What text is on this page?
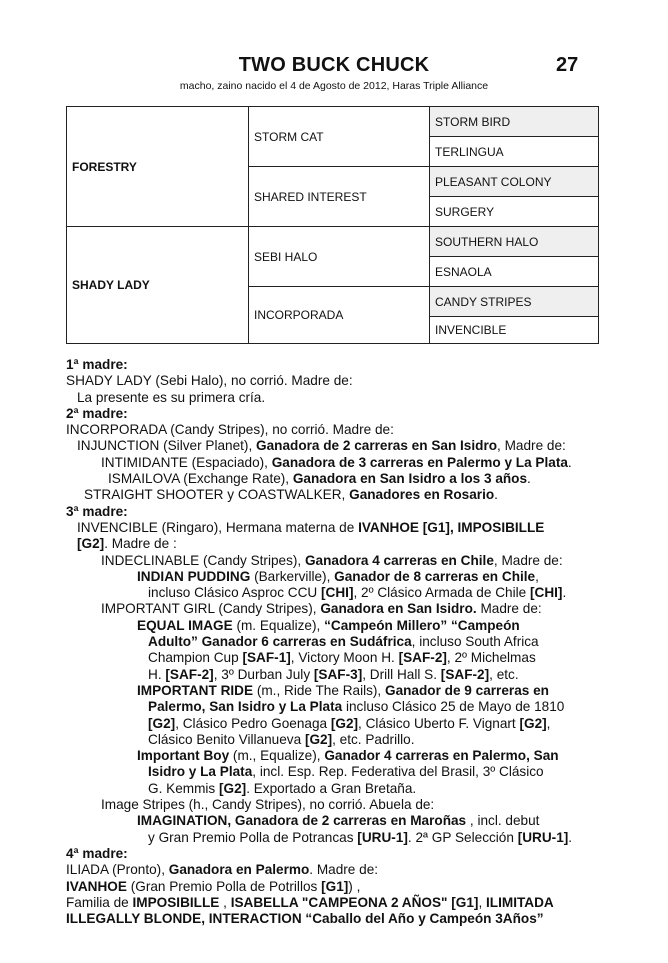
TWO BUCK CHUCK	27
macho, zaino nacido el 4 de Agosto de 2012, Haras Triple Alliance
FORESTRY	STORM CAT	STORM BIRD
		TERLINGUA
	SHARED INTEREST	PLEASANT COLONY
		SURGERY
SHADY LADY	SEBI HALO	SOUTHERN HALO
		ESNAOLA
	INCORPORADA	CANDY STRIPES
		INVENCIBLE
1ª madre:
SHADY LADY (Sebi Halo), no corrió. Madre de:
La presente es su primera cría.
2ª madre:
INCORPORADA (Candy Stripes), no corrió. Madre de:
INJUNCTION (Silver Planet), Ganadora de 2 carreras en San Isidro, Madre de:
INTIMIDANTE (Espaciado), Ganadora de 3 carreras en Palermo y La Plata.
ISMAILOVA (Exchange Rate), Ganadora en San Isidro a los 3 años.
STRAIGHT SHOOTER y COASTWALKER, Ganadores en Rosario.
3ª madre:
INVENCIBLE (Ringaro), Hermana materna de IVANHOE [G1], IMPOSIBILLE
[G2]. Madre de :
INDECLINABLE (Candy Stripes), Ganadora 4 carreras en Chile, Madre de:
INDIAN PUDDING (Barkerville), Ganador de 8 carreras en Chile,
incluso Clásico Asproc CCU [CHI], 2º Clásico Armada de Chile [CHI].
IMPORTANT GIRL (Candy Stripes), Ganadora en San Isidro. Madre de:
EQUAL IMAGE (m. Equalize), “Campeón Millero” “Campeón
Adulto” Ganador 6 carreras en Sudáfrica, incluso South Africa
Champion Cup [SAF-1], Victory Moon H. [SAF-2], 2º Michelmas
H. [SAF-2], 3º Durban July [SAF-3], Drill Hall S. [SAF-2], etc.
IMPORTANT RIDE (m., Ride The Rails), Ganador de 9 carreras en
Palermo, San Isidro y La Plata incluso Clásico 25 de Mayo de 1810
[G2], Clásico Pedro Goenaga [G2], Clásico Uberto F. Vignart [G2],
Clásico Benito Villanueva [G2], etc. Padrillo.
Important Boy (m., Equalize), Ganador 4 carreras en Palermo, San
Isidro y La Plata, incl. Esp. Rep. Federativa del Brasil, 3º Clásico
G. Kemmis [G2]. Exportado a Gran Bretaña.
Image Stripes (h., Candy Stripes), no corrió. Abuela de:
IMAGINATION, Ganadora de 2 carreras en Maroñas , incl. debut
y Gran Premio Polla de Potrancas [URU-1]. 2ª GP Selección [URU-1].
4ª madre:
ILIADA (Pronto), Ganadora en Palermo. Madre de:
IVANHOE (Gran Premio Polla de Potrillos [G1]) ,
Familia de IMPOSIBILLE , ISABELLA "CAMPEONA 2 AÑOS" [G1], ILIMITADA
ILLEGALLY BLONDE, INTERACTION “Caballo del Año y Campeón 3Años”
